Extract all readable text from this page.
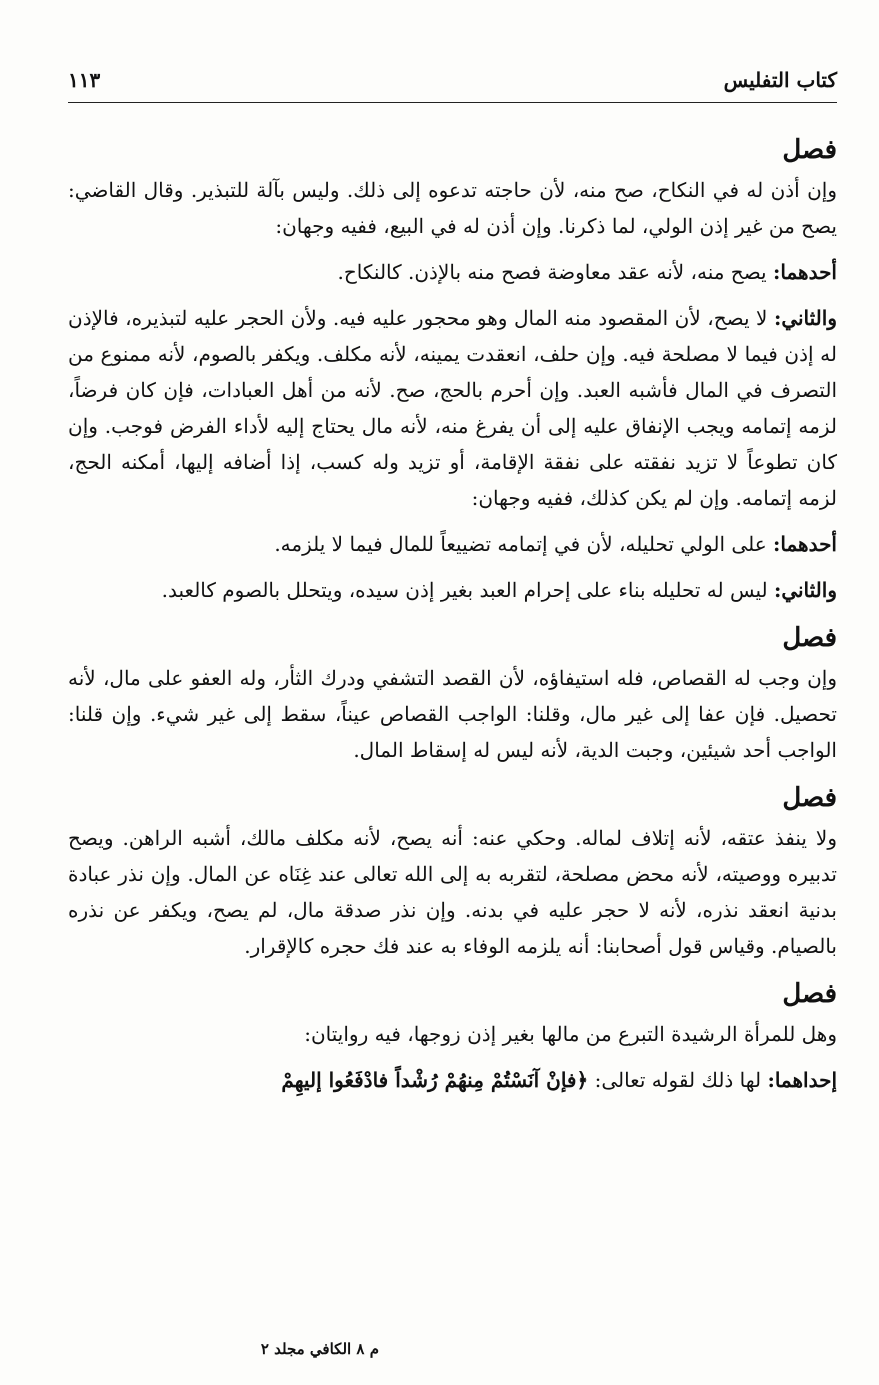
كتاب التفليس
١١٣
فصل

وإن أذن له في النكاح، صح منه، لأن حاجته تدعوه إلى ذلك. وليس بآلة للتبذير. وقال القاضي: يصح من غير إذن الولي، لما ذكرنا. وإن أذن له في البيع، ففيه وجهان:

أحدهما: يصح منه، لأنه عقد معاوضة فصح منه بالإذن. كالنكاح.

والثاني: لا يصح، لأن المقصود منه المال وهو محجور عليه فيه. ولأن الحجر عليه لتبذيره، فالإذن له إذن فيما لا مصلحة فيه. وإن حلف، انعقدت يمينه، لأنه مكلف. ويكفر بالصوم، لأنه ممنوع من التصرف في المال فأشبه العبد. وإن أحرم بالحج، صح. لأنه من أهل العبادات، فإن كان فرضاً، لزمه إتمامه ويجب الإنفاق عليه إلى أن يفرغ منه، لأنه مال يحتاج إليه لأداء الفرض فوجب. وإن كان تطوعاً لا تزيد نفقته على نفقة الإقامة، أو تزيد وله كسب، إذا أضافه إليها، أمكنه الحج، لزمه إتمامه. وإن لم يكن كذلك، ففيه وجهان:

أحدهما: على الولي تحليله، لأن في إتمامه تضييعاً للمال فيما لا يلزمه.

والثاني: ليس له تحليله بناء على إحرام العبد بغير إذن سيده، ويتحلل بالصوم كالعبد.

فصل

وإن وجب له القصاص، فله استيفاؤه، لأن القصد التشفي ودرك الثأر، وله العفو على مال، لأنه تحصيل. فإن عفا إلى غير مال، وقلنا: الواجب القصاص عيناً، سقط إلى غير شيء. وإن قلنا: الواجب أحد شيئين، وجبت الدية، لأنه ليس له إسقاط المال.

فصل

ولا ينفذ عتقه، لأنه إتلاف لماله. وحكي عنه: أنه يصح، لأنه مكلف مالك، أشبه الراهن. ويصح تدبيره ووصيته، لأنه محض مصلحة، لتقربه به إلى الله تعالى عند غِنَاه عن المال. وإن نذر عبادة بدنية انعقد نذره، لأنه لا حجر عليه في بدنه. وإن نذر صدقة مال، لم يصح، ويكفر عن نذره بالصيام. وقياس قول أصحابنا: أنه يلزمه الوفاء به عند فك حجره كالإقرار.

فصل

وهل للمرأة الرشيدة التبرع من مالها بغير إذن زوجها، فيه روايتان:

إحداهما: لها ذلك لقوله تعالى: ﴿فإنْ آنَسْتُمْ مِنهُمْ رُشْداً فادْفَعُوا إليهِمْ

م ٨ الكافي مجلد ٢
